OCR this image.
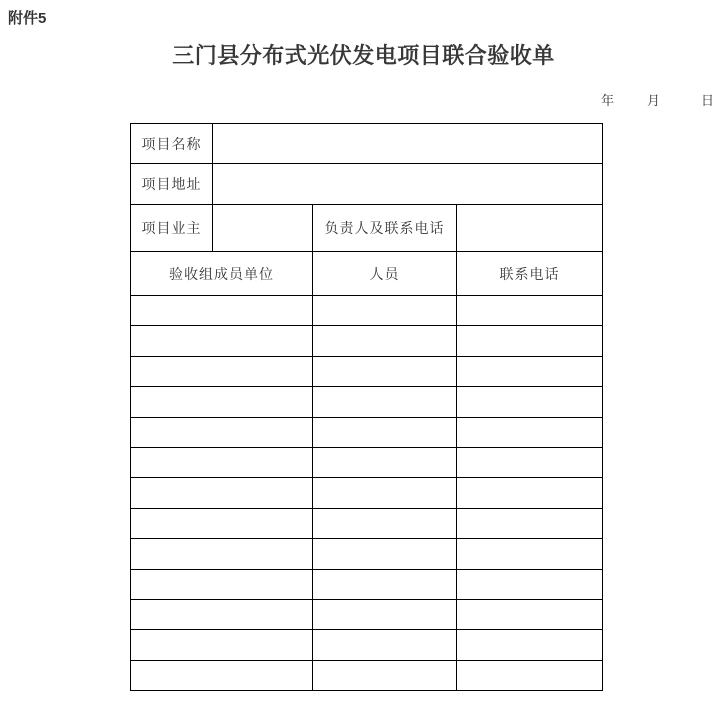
附件5
三门县分布式光伏发电项目联合验收单
年	月	日
项目名称			
项目地址			
项目业主		负责人及联系电话	
验收组成员单位		人员	联系电话
